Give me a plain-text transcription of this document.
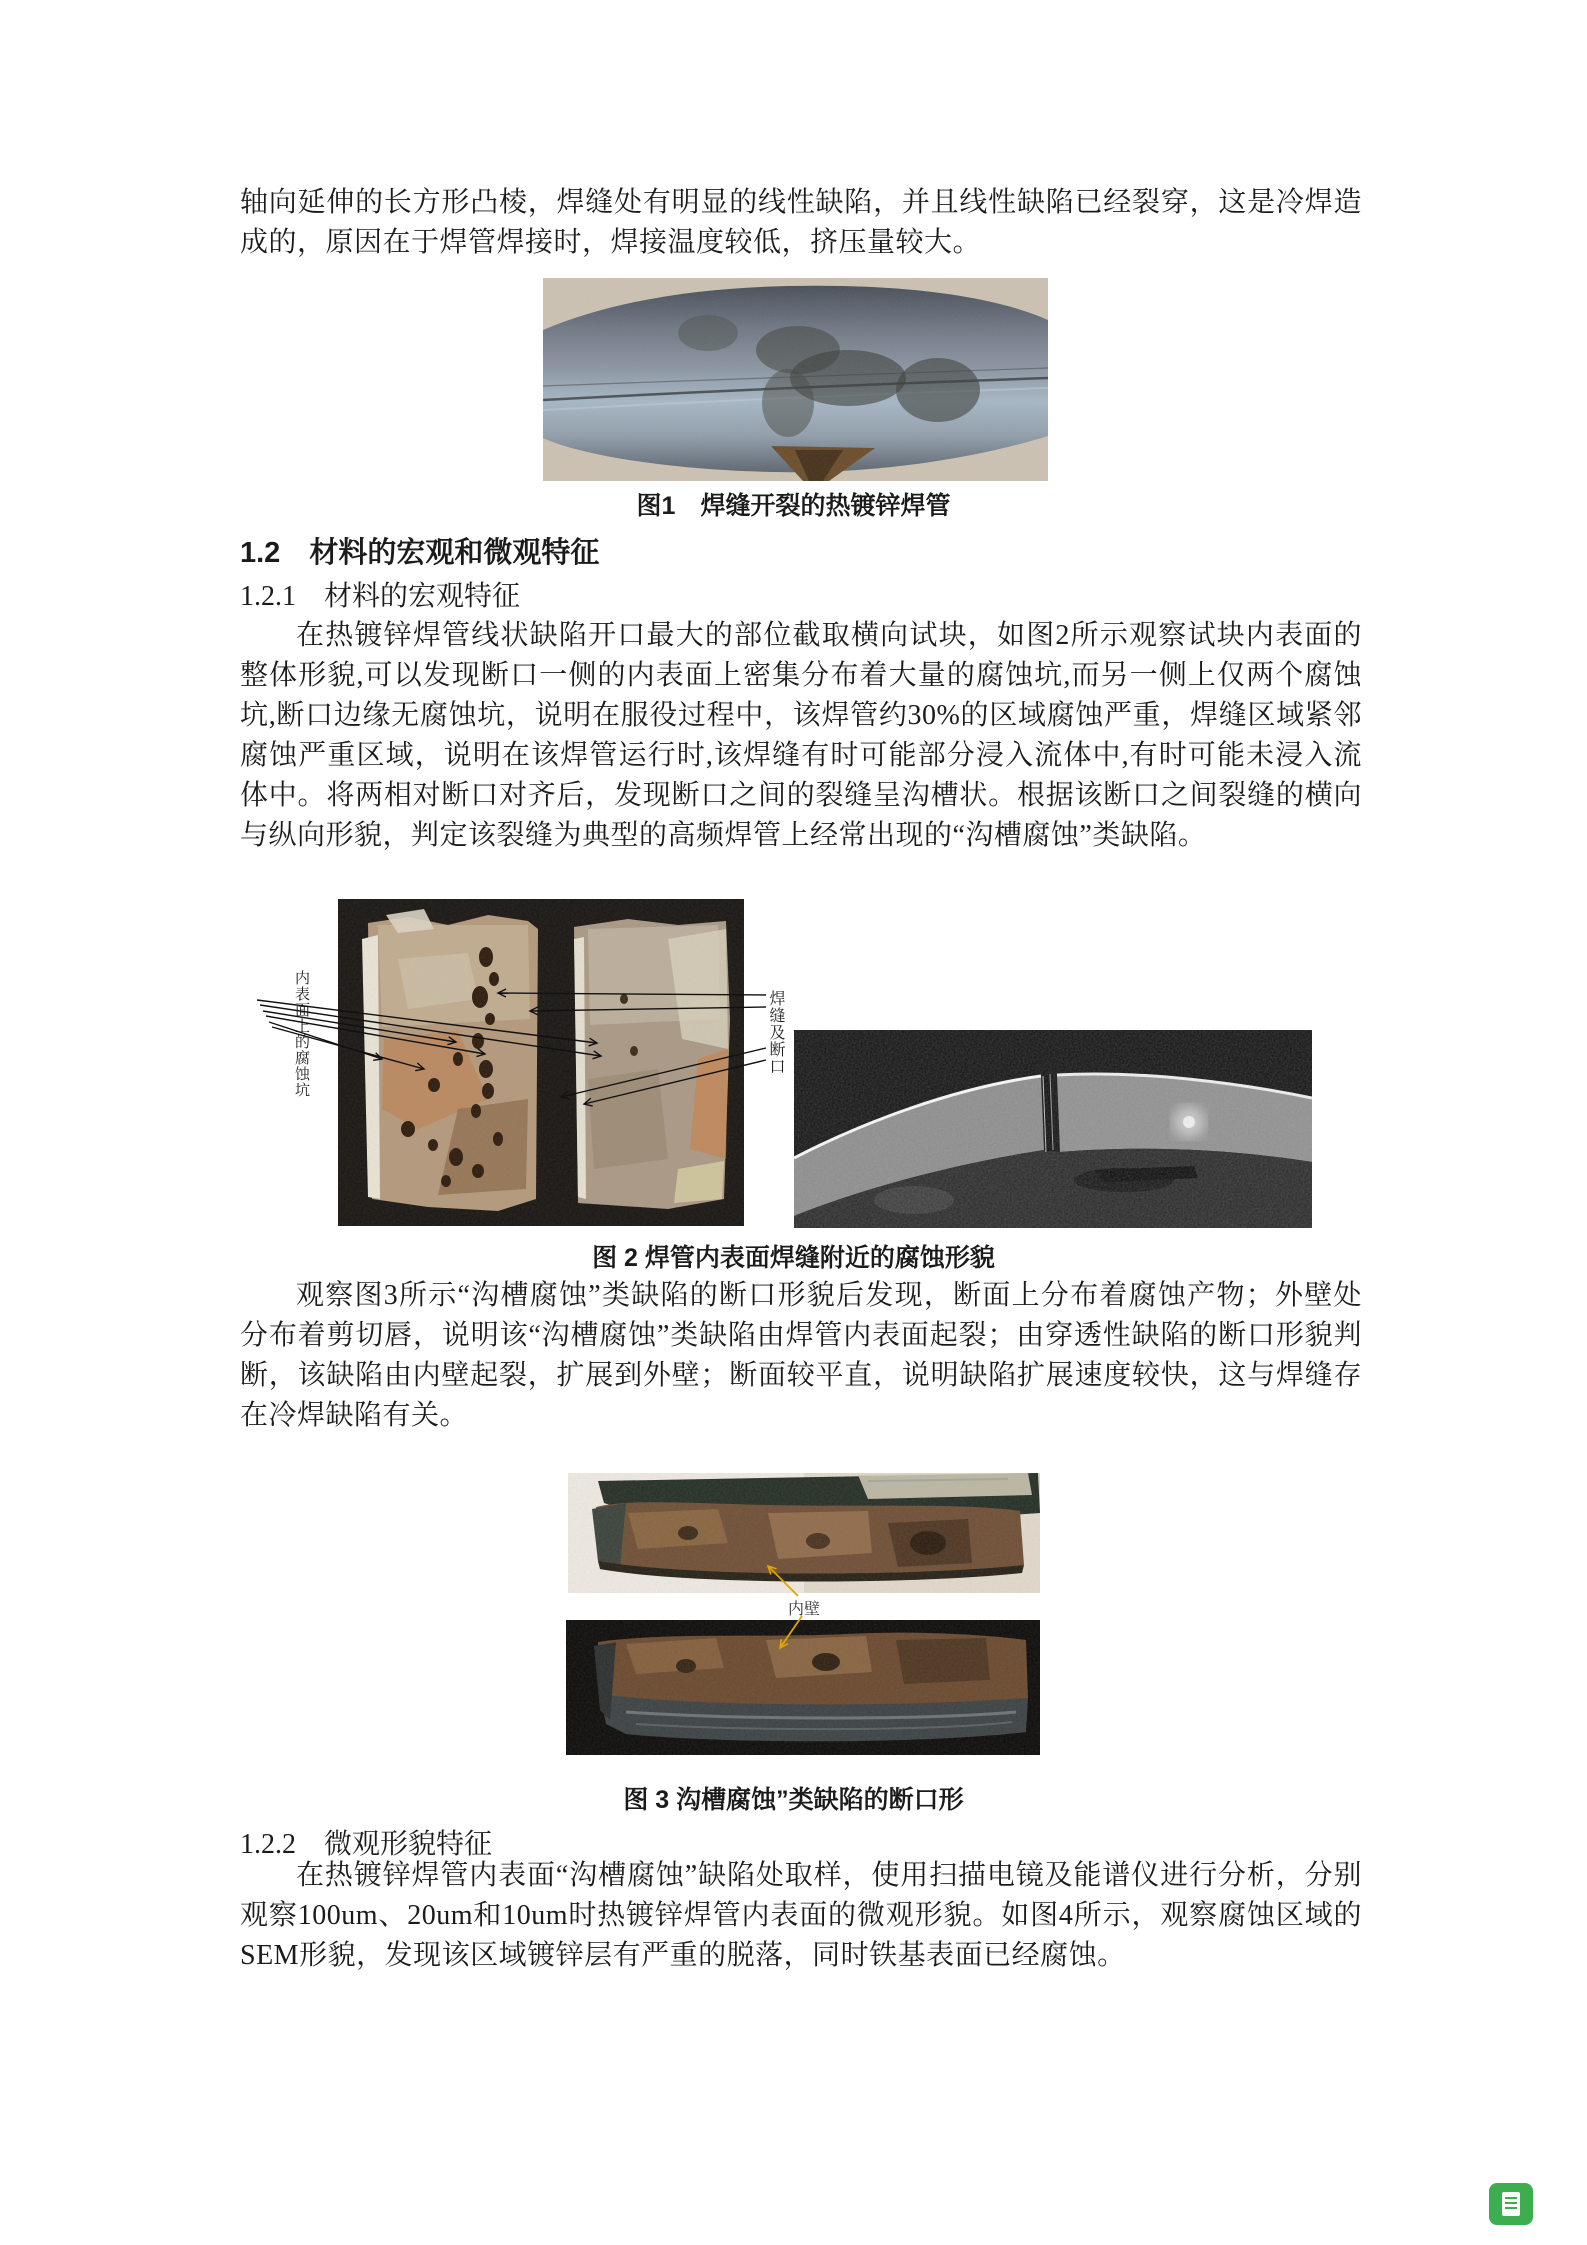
轴向延伸的长方形凸棱，焊缝处有明显的线性缺陷，并且线性缺陷已经裂穿，这是冷焊造成的，原因在于焊管焊接时，焊接温度较低，挤压量较大。

图1　焊缝开裂的热镀锌焊管
1.2　材料的宏观和微观特征
1.2.1　材料的宏观特征

在热镀锌焊管线状缺陷开口最大的部位截取横向试块，如图2所示观察试块内表面的整体形貌,可以发现断口一侧的内表面上密集分布着大量的腐蚀坑,而另一侧上仅两个腐蚀坑,断口边缘无腐蚀坑，说明在服役过程中，该焊管约30%的区域腐蚀严重，焊缝区域紧邻腐蚀严重区域，说明在该焊管运行时,该焊缝有时可能部分浸入流体中,有时可能未浸入流体中。将两相对断口对齐后，发现断口之间的裂缝呈沟槽状。根据该断口之间裂缝的横向与纵向形貌，判定该裂缝为典型的高频焊管上经常出现的“沟槽腐蚀”类缺陷。

内表面上的腐蚀坑	焊缝及断口
图 2 焊管内表面焊缝附近的腐蚀形貌

观察图3所示“沟槽腐蚀”类缺陷的断口形貌后发现，断面上分布着腐蚀产物；外壁处分布着剪切唇，说明该“沟槽腐蚀”类缺陷由焊管内表面起裂；由穿透性缺陷的断口形貌判断，该缺陷由内壁起裂，扩展到外壁；断面较平直，说明缺陷扩展速度较快，这与焊缝存在冷焊缺陷有关。

内壁
图 3 沟槽腐蚀”类缺陷的断口形
1.2.2　微观形貌特征

在热镀锌焊管内表面“沟槽腐蚀”缺陷处取样，使用扫描电镜及能谱仪进行分析，分别观察100um、20um和10um时热镀锌焊管内表面的微观形貌。如图4所示，观察腐蚀区域的SEM形貌，发现该区域镀锌层有严重的脱落，同时铁基表面已经腐蚀。
